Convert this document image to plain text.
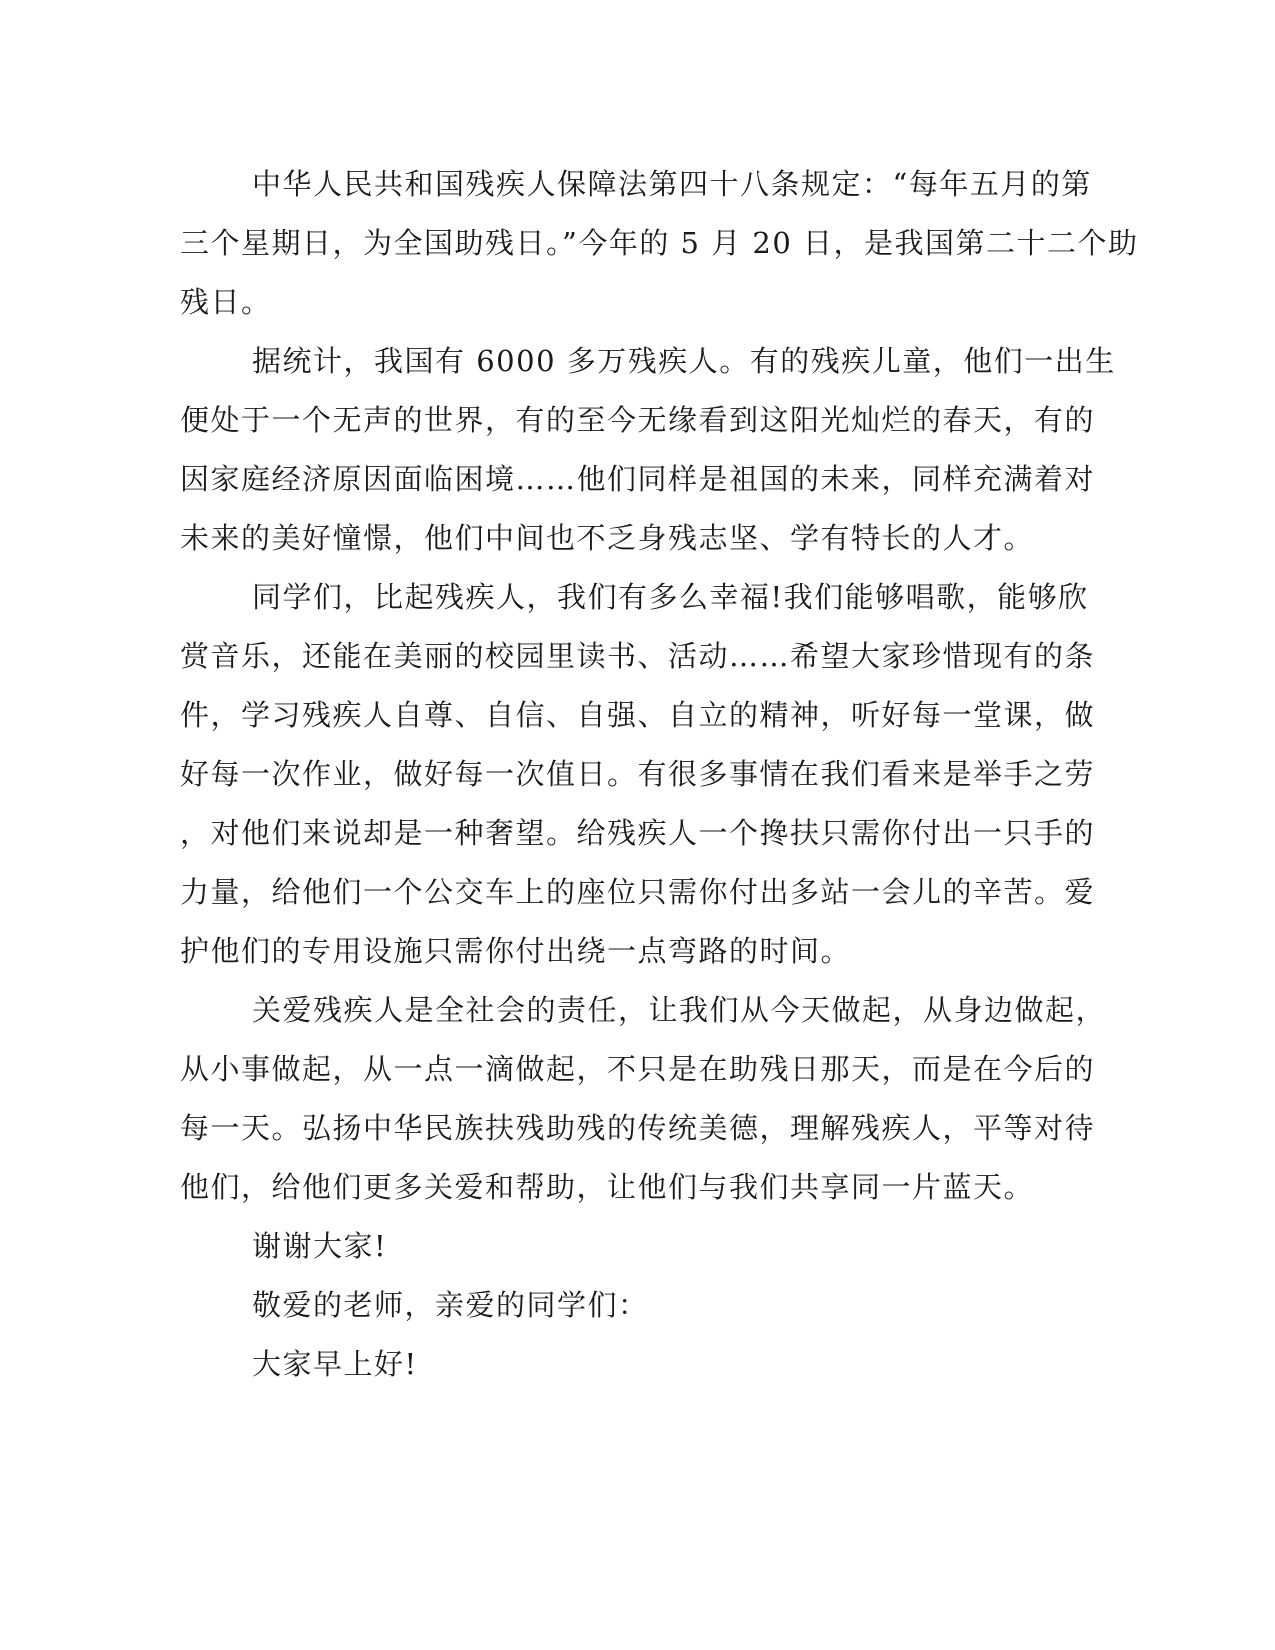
中华人民共和国残疾人保障法第四十八条规定：“每年五月的第
三个星期日，为全国助残日。”今年的 5 月 20 日，是我国第二十二个助
残日。
据统计，我国有 6000 多万残疾人。有的残疾儿童，他们一出生
便处于一个无声的世界，有的至今无缘看到这阳光灿烂的春天，有的
因家庭经济原因面临困境……他们同样是祖国的未来，同样充满着对
未来的美好憧憬，他们中间也不乏身残志坚、学有特长的人才。
同学们，比起残疾人，我们有多么幸福!我们能够唱歌，能够欣
赏音乐，还能在美丽的校园里读书、活动……希望大家珍惜现有的条
件，学习残疾人自尊、自信、自强、自立的精神，听好每一堂课，做
好每一次作业，做好每一次值日。有很多事情在我们看来是举手之劳
，对他们来说却是一种奢望。给残疾人一个搀扶只需你付出一只手的
力量，给他们一个公交车上的座位只需你付出多站一会儿的辛苦。爱
护他们的专用设施只需你付出绕一点弯路的时间。
关爱残疾人是全社会的责任，让我们从今天做起，从身边做起，
从小事做起，从一点一滴做起，不只是在助残日那天，而是在今后的
每一天。弘扬中华民族扶残助残的传统美德，理解残疾人，平等对待
他们，给他们更多关爱和帮助，让他们与我们共享同一片蓝天。
谢谢大家!
敬爱的老师，亲爱的同学们：
大家早上好!
